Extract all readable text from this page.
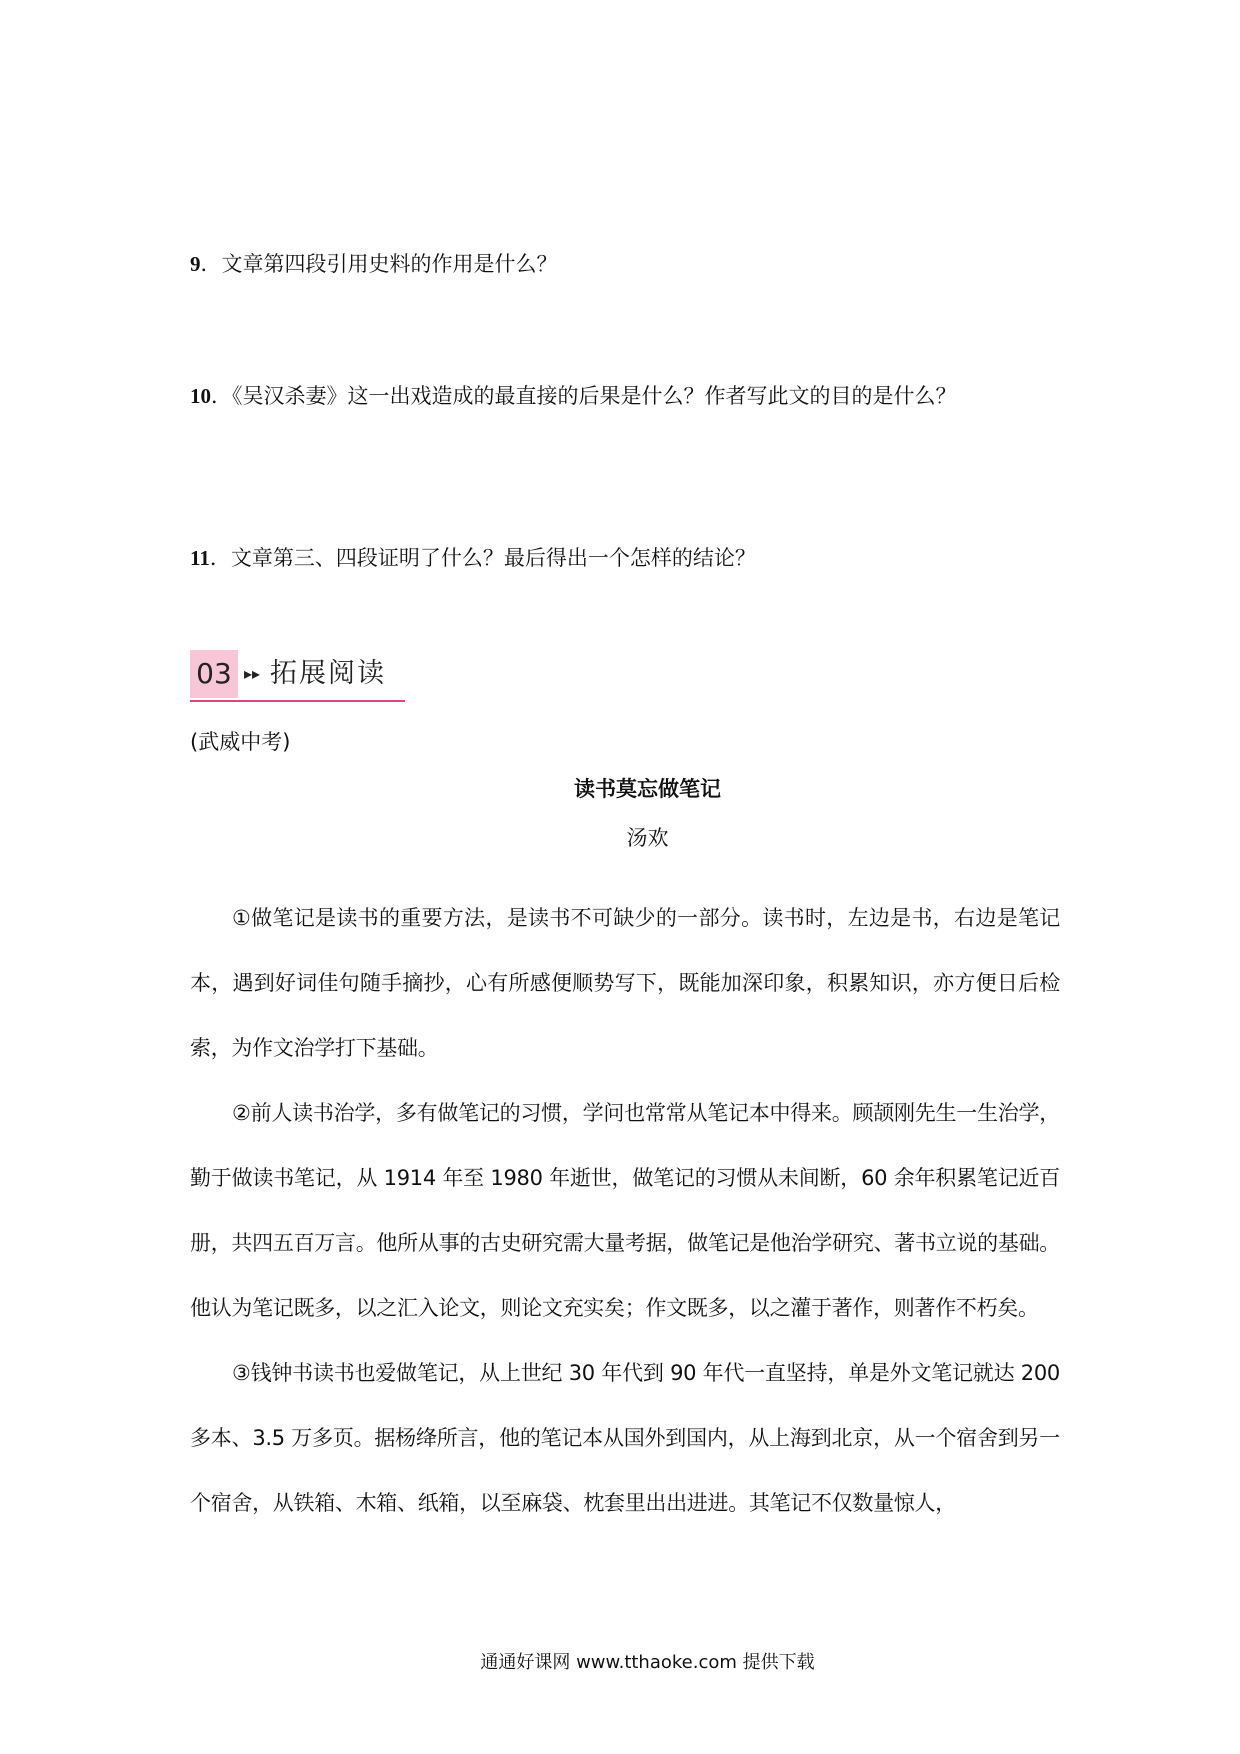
9．文章第四段引用史料的作用是什么？
10．《吴汉杀妻》这一出戏造成的最直接的后果是什么？作者写此文的目的是什么？
11．文章第三、四段证明了什么？最后得出一个怎样的结论？
03 ▸▸ 拓展阅读
(武威中考)
读书莫忘做笔记
汤欢

①做笔记是读书的重要方法，是读书不可缺少的一部分。读书时，左边是书，右边是笔记本，遇到好词佳句随手摘抄，心有所感便顺势写下，既能加深印象，积累知识，亦方便日后检索，为作文治学打下基础。

②前人读书治学，多有做笔记的习惯，学问也常常从笔记本中得来。顾颉刚先生一生治学，勤于做读书笔记，从 1914 年至 1980 年逝世，做笔记的习惯从未间断，60 余年积累笔记近百册，共四五百万言。他所从事的古史研究需大量考据，做笔记是他治学研究、著书立说的基础。他认为笔记既多，以之汇入论文，则论文充实矣；作文既多，以之灌于著作，则著作不朽矣。

③钱钟书读书也爱做笔记，从上世纪 30 年代到 90 年代一直坚持，单是外文笔记就达 200 多本、3.5 万多页。据杨绛所言，他的笔记本从国外到国内，从上海到北京，从一个宿舍到另一个宿舍，从铁箱、木箱、纸箱，以至麻袋、枕套里出出进进。其笔记不仅数量惊人，

通通好课网 www.tthaoke.com 提供下载
